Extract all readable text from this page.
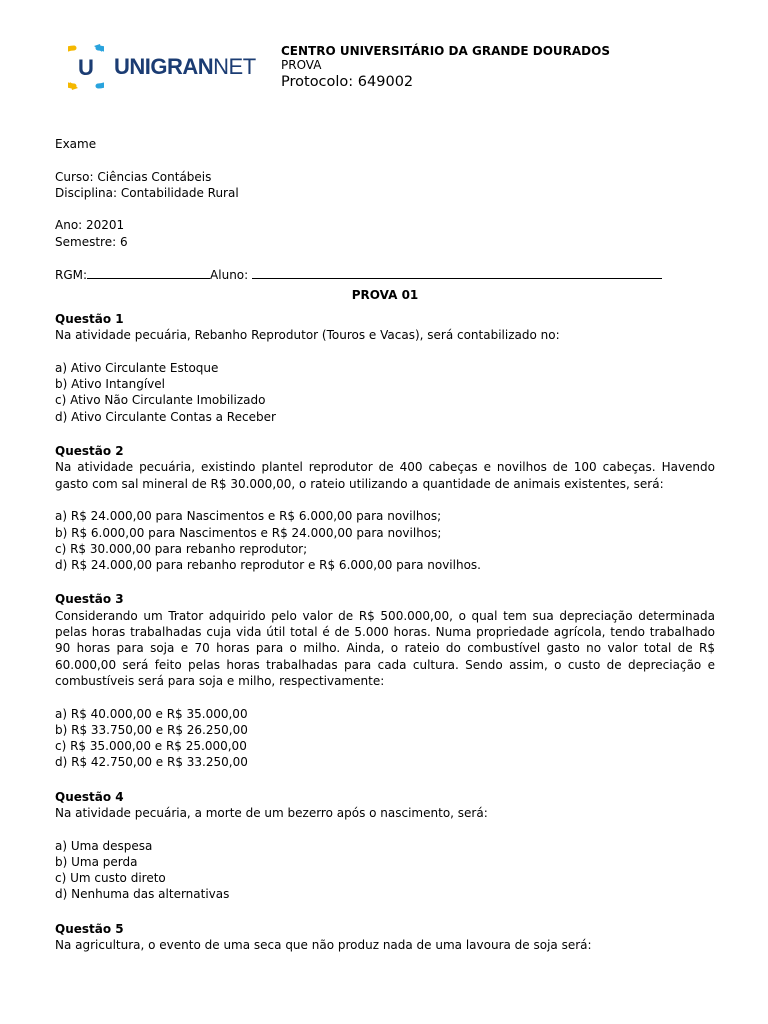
U UNIGRANNET
CENTRO UNIVERSITÁRIO DA GRANDE DOURADOS
PROVA
Protocolo: 649002
Exame
Curso: Ciências Contábeis
Disciplina: Contabilidade Rural
Ano: 20201
Semestre: 6
RGM:	Aluno:
PROVA 01
Questão 1
Na atividade pecuária, Rebanho Reprodutor (Touros e Vacas), será contabilizado no:
a) Ativo Circulante Estoque
b) Ativo Intangível
c) Ativo Não Circulante Imobilizado
d) Ativo Circulante Contas a Receber
Questão 2
Na atividade pecuária, existindo plantel reprodutor de 400 cabeças e novilhos de 100 cabeças. Havendo gasto com sal mineral de R$ 30.000,00, o rateio utilizando a quantidade de animais existentes, será:
a) R$ 24.000,00 para Nascimentos e R$ 6.000,00 para novilhos;
b) R$ 6.000,00 para Nascimentos e R$ 24.000,00 para novilhos;
c) R$ 30.000,00 para rebanho reprodutor;
d) R$ 24.000,00 para rebanho reprodutor e R$ 6.000,00 para novilhos.
Questão 3
Considerando um Trator adquirido pelo valor de R$ 500.000,00, o qual tem sua depreciação determinada pelas horas trabalhadas cuja vida útil total é de 5.000 horas. Numa propriedade agrícola, tendo trabalhado 90 horas para soja e 70 horas para o milho. Ainda, o rateio do combustível gasto no valor total de R$ 60.000,00 será feito pelas horas trabalhadas para cada cultura. Sendo assim, o custo de depreciação e combustíveis será para soja e milho, respectivamente:
a) R$ 40.000,00 e R$ 35.000,00
b) R$ 33.750,00 e R$ 26.250,00
c) R$ 35.000,00 e R$ 25.000,00
d) R$ 42.750,00 e R$ 33.250,00
Questão 4
Na atividade pecuária, a morte de um bezerro após o nascimento, será:
a) Uma despesa
b) Uma perda
c) Um custo direto
d) Nenhuma das alternativas
Questão 5
Na agricultura, o evento de uma seca que não produz nada de uma lavoura de soja será:
